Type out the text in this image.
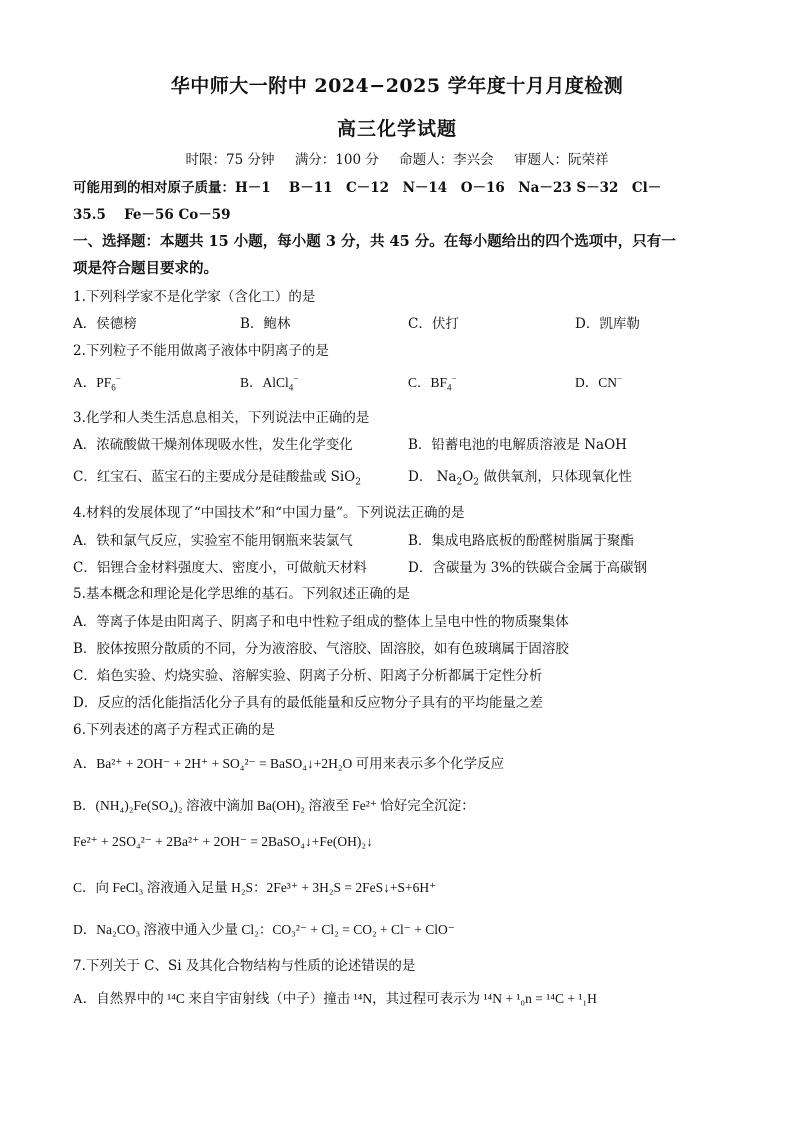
华中师大一附中 2024−2025 学年度十月月度检测
高三化学试题
时限：75 分钟 满分：100 分 命题人：李兴会 审题人：阮荣祥
可能用到的相对原子质量：H－1　 B－11　C－12　N－14　O－16　Na－23 S－32　Cl－
35.5　 Fe－56 Co－59
一、选择题：本题共 15 小题，每小题 3 分，共 45 分。在每小题给出的四个选项中，只有一
项是符合题目要求的。
1.下列科学家不是化学家（含化工）的是
A．侯德榜	B．鲍林	C．伏打	D．凯库勒
2.下列粒子不能用做离子液体中阴离子的是
A．$PF_6^-$	B．AlCl$_4$−	C．$BF_4^-$	D．CN−
3.化学和人类生活息息相关，下列说法中正确的是
A．浓硫酸做干燥剂体现吸水性，发生化学变化	B．铅蓄电池的电解质溶液是 NaOH
C．红宝石、蓝宝石的主要成分是硅酸盐或 SiO$_2$	D． $Na_2O_2$ 做供氧剂，只体现氧化性
4.材料的发展体现了“中国技术”和“中国力量”。下列说法正确的是
A．铁和氯气反应，实验室不能用钢瓶来装氯气	B．集成电路底板的酚醛树脂属于聚酯
C．铝锂合金材料强度大、密度小，可做航天材料	D．含碳量为 3%的铁碳合金属于高碳钢
5.基本概念和理论是化学思维的基石。下列叙述正确的是
A．等离子体是由阳离子、阴离子和电中性粒子组成的整体上呈电中性的物质聚集体
B．胶体按照分散质的不同，分为液溶胶、气溶胶、固溶胶，如有色玻璃属于固溶胶
C．焰色实验、灼烧实验、溶解实验、阴离子分析、阳离子分析都属于定性分析
D．反应的活化能指活化分子具有的最低能量和反应物分子具有的平均能量之差
6.下列表述的离子方程式正确的是
A．Ba²⁺ + 2OH⁻ + 2H⁺ + SO₄²⁻ = BaSO₄↓+2H₂O 可用来表示多个化学反应
B．(NH₄)₂Fe(SO₄)₂ 溶液中滴加 Ba(OH)₂ 溶液至 Fe²⁺ 恰好完全沉淀：
Fe²⁺ + 2SO₄²⁻ + 2Ba²⁺ + 2OH⁻ = 2BaSO₄↓+Fe(OH)₂↓
C．向 FeCl₃ 溶液通入足量 H₂S：2Fe³⁺ + 3H₂S = 2FeS↓+S+6H⁺
D．Na₂CO₃ 溶液中通入少量 Cl₂：CO₃²⁻ + Cl₂ = CO₂ + Cl⁻ + ClO⁻
7.下列关于 C、Si 及其化合物结构与性质的论述错误的是
A．自然界中的 ¹⁴C 来自宇宙射线（中子）撞击 ¹⁴N，其过程可表示为 ¹⁴N + ¹₀n = ¹⁴C + ¹₁H
